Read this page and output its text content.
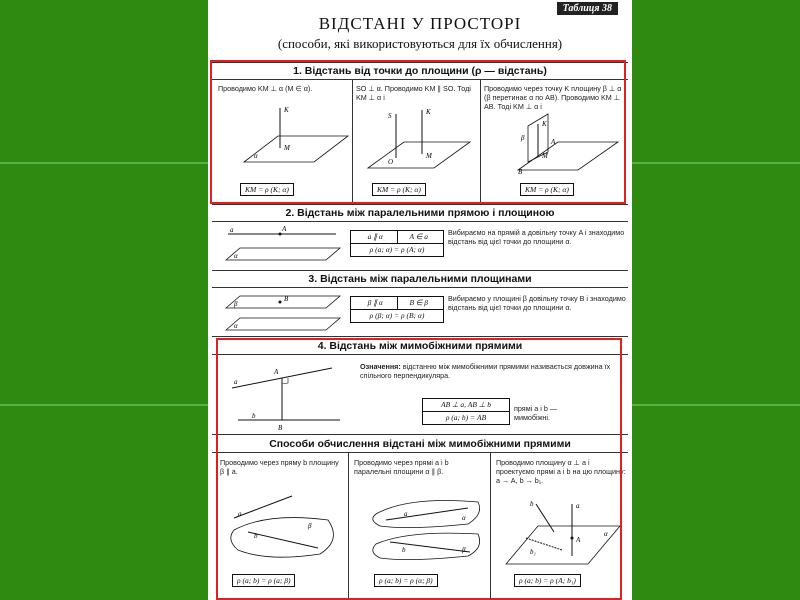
Таблиця 38
ВІДСТАНІ У ПРОСТОРІ
(способи, які використовуються для їх обчислення)
1. Відстань від точки до площини (ρ — відстань)
Проводимо KM ⊥ α (M ∈ α).	SO ⊥ α. Проводимо KM ∥ SO. Тоді KM ⊥ α і
Проводимо через точку K площину β ⊥ α (β перетинає α по AB). Проводимо KM ⊥ AB. Тоді KM ⊥ α і
K
M
α
S	K
O
M
K
A
M
B
β
KM = ρ (K; α)	KM = ρ (K; α)	KM = ρ (K; α)
2. Відстань між паралельними прямою і площиною
a	A
α
a ∥ α	A ∈ a
ρ (a; α) = ρ (A; α)
Вибираємо на прямій a довільну точку A і знаходимо відстань від цієї точки до площини α.
3. Відстань між паралельними площинами
β
B
α
β ∥ α	B ∈ β
ρ (β; α) = ρ (B; α)
Вибираємо у площині β довільну точку B і знаходимо відстань від цієї точки до площини α.
4. Відстань між мимобіжними прямими
a
A
b
B
Означення: відстанню між мимобіжними прямими називається довжина їх спільного перпендикуляра.
AB ⊥ a, AB ⊥ b
ρ (a; b) = AB
прямі a і b — мимобіжні.
Способи обчислення відстані між мимобіжними прямими
Проводимо через пряму b площину β ∥ a.
Проводимо через прямі a і b паралельні площини α ∥ β.
Проводимо площину α ⊥ a і проектуємо прямі a і b на цю площину: a → A, b → b₁.
a
b
β
a
b
α
β
a
b
b₁
A
α
ρ (a; b) = ρ (a; β)	ρ (a; b) = ρ (α; β)	ρ (a; b) = ρ (A; b₁)
